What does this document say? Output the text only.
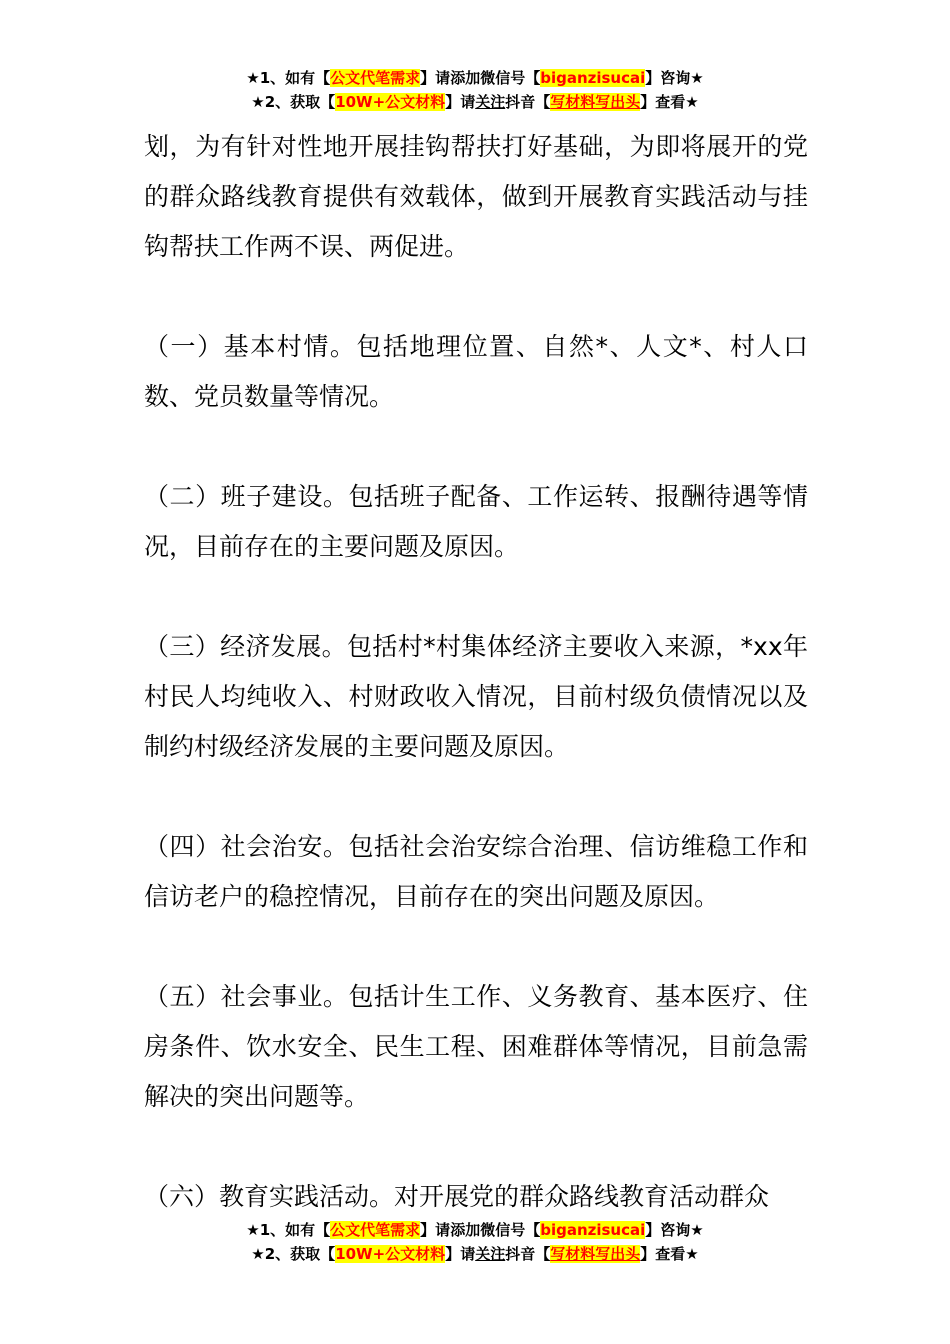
★1、如有【公文代笔需求】请添加微信号【biganzisucai】咨询★
★2、获取【10W+公文材料】请关注抖音【写材料写出头】查看★

划，为有针对性地开展挂钩帮扶打好基础，为即将展开的党的群众路线教育提供有效载体，做到开展教育实践活动与挂钩帮扶工作两不误、两促进。

（一）基本村情。包括地理位置、自然*、人文*、村人口数、党员数量等情况。

（二）班子建设。包括班子配备、工作运转、报酬待遇等情况，目前存在的主要问题及原因。

（三）经济发展。包括村*村集体经济主要收入来源，*xx年村民人均纯收入、村财政收入情况，目前村级负债情况以及制约村级经济发展的主要问题及原因。

（四）社会治安。包括社会治安综合治理、信访维稳工作和信访老户的稳控情况，目前存在的突出问题及原因。

（五）社会事业。包括计生工作、义务教育、基本医疗、住房条件、饮水安全、民生工程、困难群体等情况，目前急需解决的突出问题等。

（六）教育实践活动。对开展党的群众路线教育活动群众

★1、如有【公文代笔需求】请添加微信号【biganzisucai】咨询★
★2、获取【10W+公文材料】请关注抖音【写材料写出头】查看★
